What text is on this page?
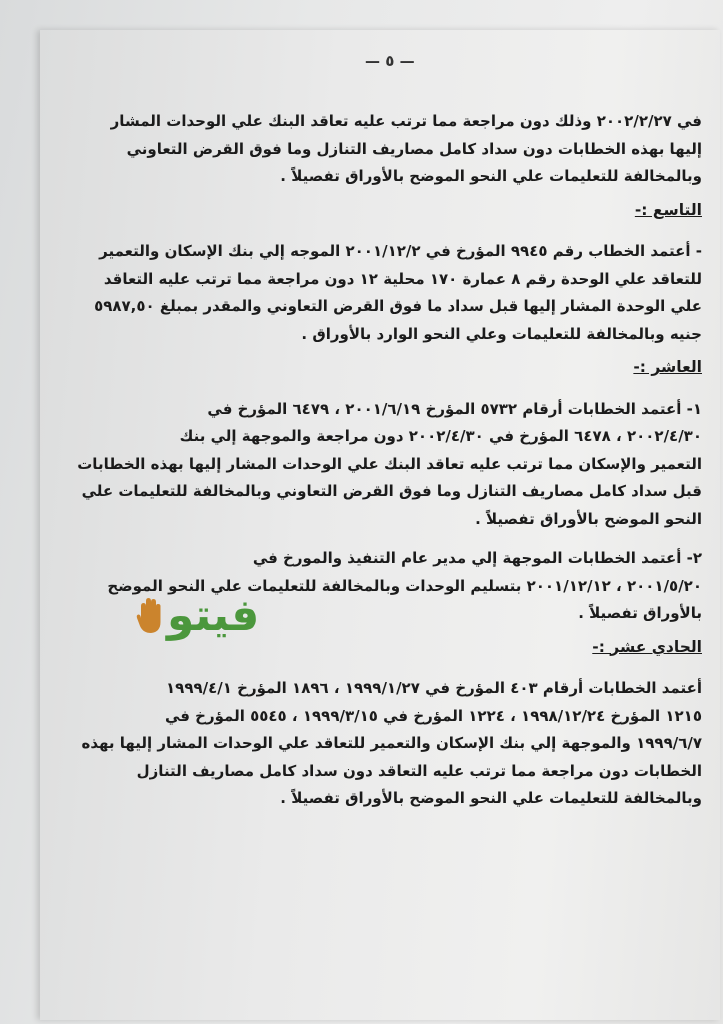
— ٥ —

في ٢٠٠٢/٢/٢٧ وذلك دون مراجعة مما ترتب عليه تعاقد البنك علي الوحدات المشار

إليها بهذه الخطابات دون سداد كامل مصاريف التنازل وما فوق القرض التعاوني

وبالمخالفة للتعليمات علي النحو الموضح بالأوراق تفصيلاً .

التاسع :-

- أعتمد الخطاب رقم ٩٩٤٥ المؤرخ في ٢٠٠١/١٢/٢ الموجه إلي بنك الإسكان والتعمير

للتعاقد علي الوحدة رقم ٨ عمارة ١٧٠ محلية ١٢ دون مراجعة مما ترتب عليه التعاقد

علي الوحدة المشار إليها قبل سداد ما فوق القرض التعاوني والمقدر بمبلغ ٥٩٨٧,٥٠

جنيه وبالمخالفة للتعليمات وعلي النحو الوارد بالأوراق .

العاشر :-

١- أعتمد الخطابات أرقام ٥٧٣٢ المؤرخ ٢٠٠١/٦/١٩ ، ٦٤٧٩ المؤرخ في

٢٠٠٢/٤/٣٠ ، ٦٤٧٨ المؤرخ في ٢٠٠٢/٤/٣٠ دون مراجعة والموجهة إلي بنك

التعمير والإسكان مما ترتب عليه تعاقد البنك علي الوحدات المشار إليها بهذه الخطابات

قبل سداد كامل مصاريف التنازل وما فوق القرض التعاوني وبالمخالفة للتعليمات علي

النحو الموضح بالأوراق تفصيلاً .

٢- أعتمد الخطابات الموجهة إلي مدير عام التنفيذ والمورخ في

٢٠٠١/٥/٢٠ ، ٢٠٠١/١٢/١٢ بتسليم الوحدات وبالمخالفة للتعليمات علي النحو الموضح

بالأوراق تفصيلاً .

الحادي عشر :-

أعتمد الخطابات أرقام ٤٠٣ المؤرخ في ١٩٩٩/١/٢٧ ، ١٨٩٦ المؤرخ ١٩٩٩/٤/١

١٢١٥ المؤرخ ١٩٩٨/١٢/٢٤ ، ١٢٢٤ المؤرخ في ١٩٩٩/٣/١٥ ، ٥٥٤٥ المؤرخ في

١٩٩٩/٦/٧ والموجهة إلي بنك الإسكان والتعمير للتعاقد علي الوحدات المشار إليها بهذه

الخطابات دون مراجعة مما ترتب عليه التعاقد دون سداد كامل مصاريف التنازل

وبالمخالفة للتعليمات علي النحو الموضح بالأوراق تفصيلاً .

فيتو
